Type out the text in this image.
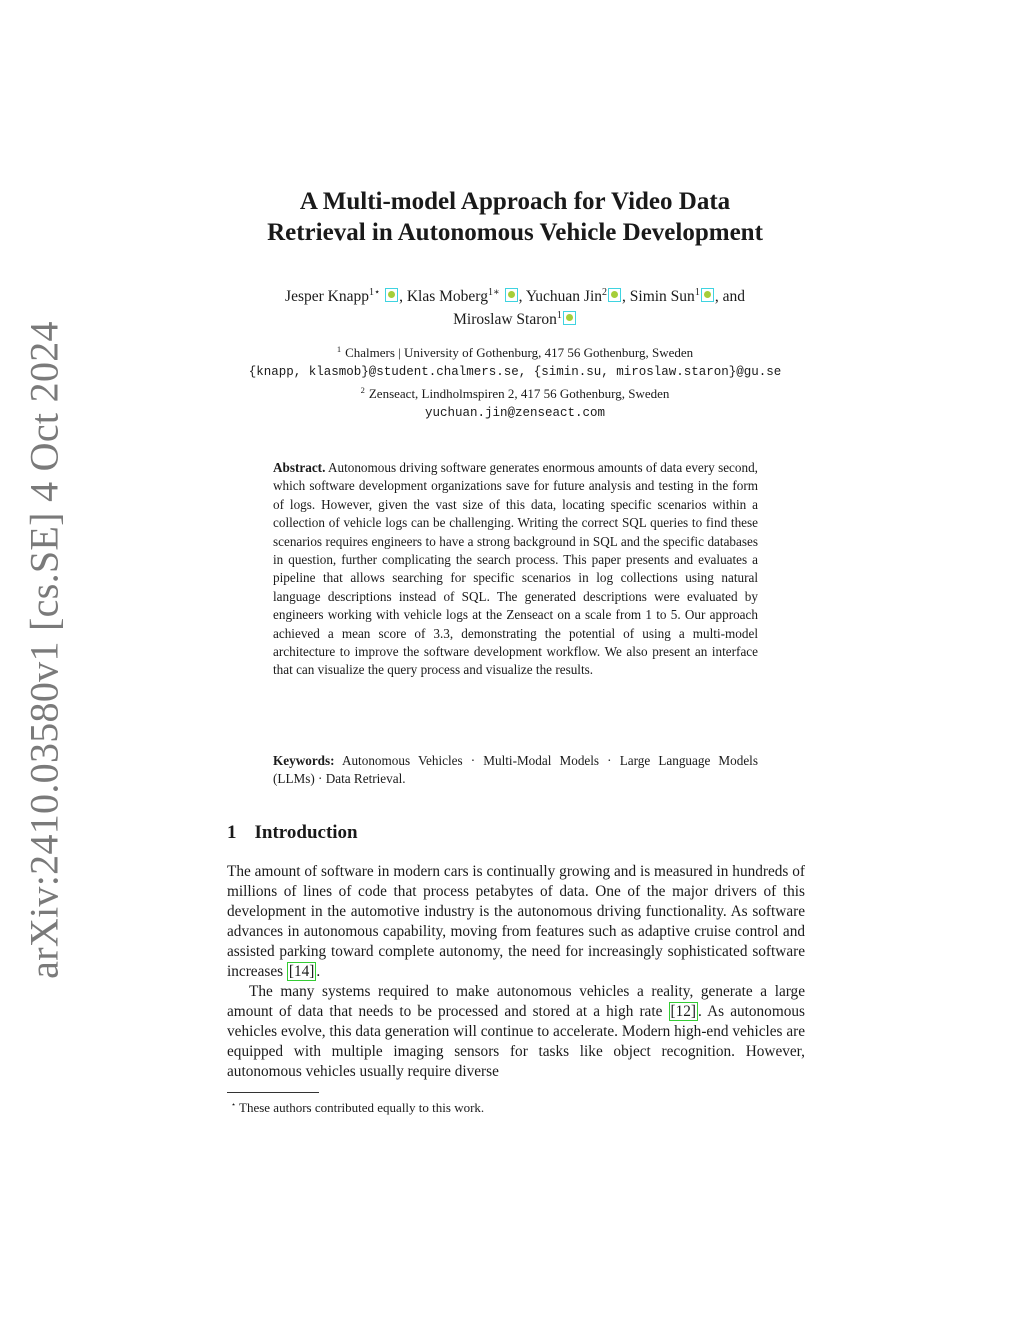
arXiv:2410.03580v1 [cs.SE] 4 Oct 2024
A Multi-model Approach for Video Data
Retrieval in Autonomous Vehicle Development
Jesper Knapp$^{1⋆}$ , Klas Moberg$^{1∗}$ , Yuchuan Jin$^2$ , Simin Sun$^1$ , and
Miroslaw Staron$^1$
$^1$ Chalmers | University of Gothenburg, 417 56 Gothenburg, Sweden
{knapp, klasmob}@student.chalmers.se, {simin.su, miroslaw.staron}@gu.se
$^2$ Zenseact, Lindholmspiren 2, 417 56 Gothenburg, Sweden
yuchuan.jin@zenseact.com
Abstract. Autonomous driving software generates enormous amounts of data every second, which software development organizations save for future analysis and testing in the form of logs. However, given the vast size of this data, locating specific scenarios within a collection of vehicle logs can be challenging. Writing the correct SQL queries to find these scenarios requires engineers to have a strong background in SQL and the specific databases in question, further complicating the search process. This paper presents and evaluates a pipeline that allows searching for specific scenarios in log collections using natural language descriptions instead of SQL. The generated descriptions were evaluated by engineers working with vehicle logs at the Zenseact on a scale from 1 to 5. Our approach achieved a mean score of 3.3, demonstrating the potential of using a multi-model architecture to improve the software development workflow. We also present an interface that can visualize the query process and visualize the results.
Keywords: Autonomous Vehicles · Multi-Modal Models · Large Language Models (LLMs) · Data Retrieval.
1 Introduction

The amount of software in modern cars is continually growing and is measured in hundreds of millions of lines of code that process petabytes of data. One of the major drivers of this development in the automotive industry is the autonomous driving functionality. As software advances in autonomous capability, moving from features such as adaptive cruise control and assisted parking toward complete autonomy, the need for increasingly sophisticated software increases [14] .

The many systems required to make autonomous vehicles a reality, generate a large amount of data that needs to be processed and stored at a high rate [12] . As autonomous vehicles evolve, this data generation will continue to accelerate. Modern high-end vehicles are equipped with multiple imaging sensors for tasks like object recognition. However, autonomous vehicles usually require diverse

⋆ These authors contributed equally to this work.
